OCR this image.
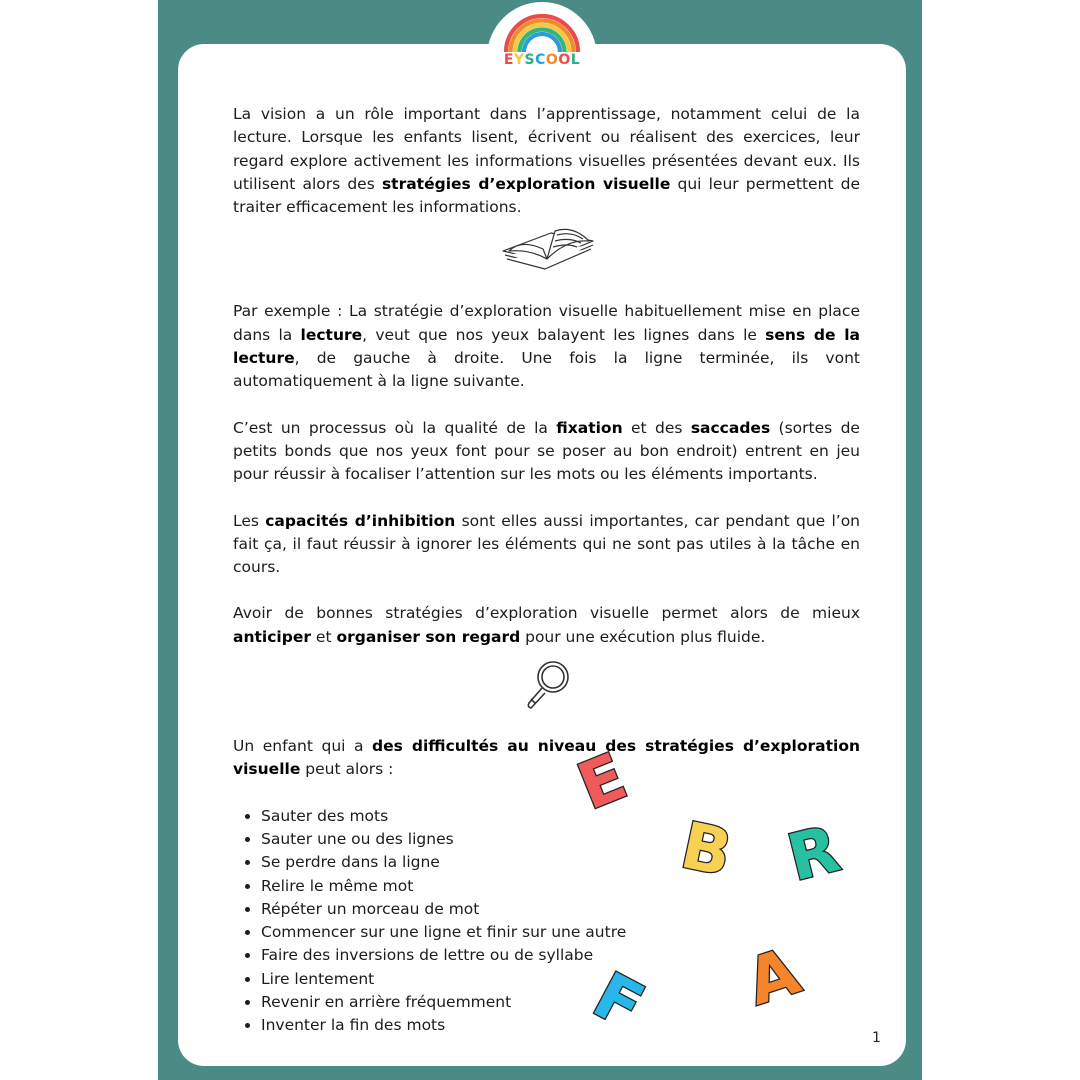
EYSCOOL

La vision a un rôle important dans l’apprentissage, notamment celui de la lecture. Lorsque les enfants lisent, écrivent ou réalisent des exercices, leur regard explore activement les informations visuelles présentées devant eux. Ils utilisent alors des stratégies d’exploration visuelle qui leur permettent de traiter efficacement les informations.

Par exemple : La stratégie d’exploration visuelle habituellement mise en place dans la lecture, veut que nos yeux balayent les lignes dans le sens de la lecture, de gauche à droite. Une fois la ligne terminée, ils vont automatiquement à la ligne suivante.

C’est un processus où la qualité de la fixation et des saccades (sortes de petits bonds que nos yeux font pour se poser au bon endroit) entrent en jeu pour réussir à focaliser l’attention sur les mots ou les éléments importants.

Les capacités d’inhibition sont elles aussi importantes, car pendant que l’on fait ça, il faut réussir à ignorer les éléments qui ne sont pas utiles à la tâche en cours.

Avoir de bonnes stratégies d’exploration visuelle permet alors de mieux anticiper et organiser son regard pour une exécution plus fluide.

Un enfant qui a des difficultés au niveau des stratégies d’exploration visuelle peut alors :

• Sauter des mots
• Sauter une ou des lignes
• Se perdre dans la ligne
• Relire le même mot
• Répéter un morceau de mot
• Commencer sur une ligne et finir sur une autre
• Faire des inversions de lettre ou de syllabe
• Lire lentement
• Revenir en arrière fréquemment
• Inventer la fin des mots
E
B R
F A
1
